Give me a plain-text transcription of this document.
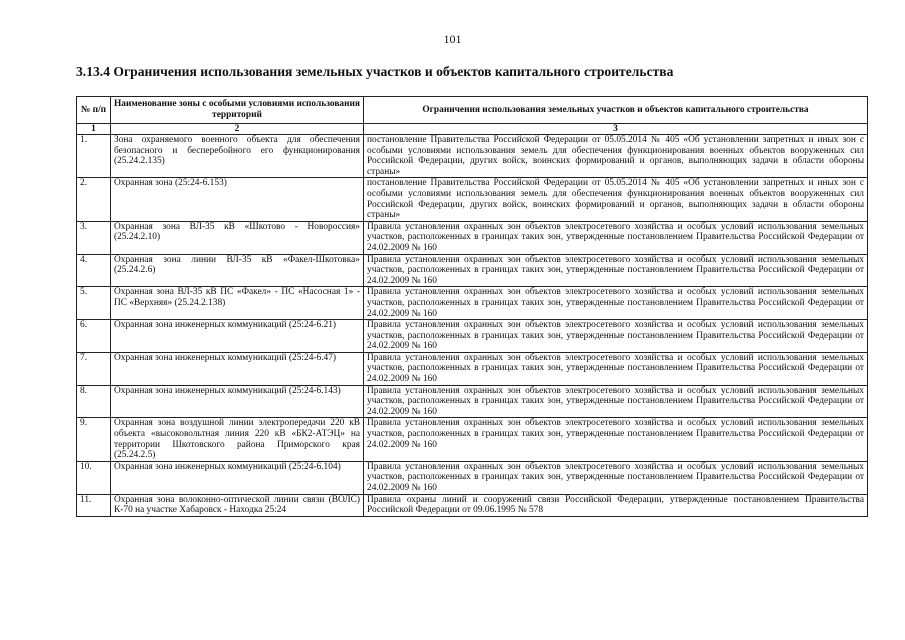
101
3.13.4 Ограничения использования земельных участков и объектов капитального строительства
№ п/п	Наименование зоны с особыми условиями использования территорий	Ограничения использования земельных участков и объектов капитального строительства
1	2	3
1.	Зона охраняемого военного объекта для обеспечения безопасного и бесперебойного его функционирования (25.24.2.135)	постановление Правительства Российской Федерации от 05.05.2014 № 405 «Об установлении запретных и иных зон с особыми условиями использования земель для обеспечения функционирования военных объектов вооруженных сил Российской Федерации, других войск, воинских формирований и органов, выполняющих задачи в области обороны страны»
2.	Охранная зона (25:24-6.153)	постановление Правительства Российской Федерации от 05.05.2014 № 405 «Об установлении запретных и иных зон с особыми условиями использования земель для обеспечения функционирования военных объектов вооруженных сил Российской Федерации, других войск, воинских формирований и органов, выполняющих задачи в области обороны страны»
3.	Охранная зона ВЛ-35 кВ «Шкотово - Новороссия» (25.24.2.10)	Правила установления охранных зон объектов электросетевого хозяйства и особых условий использования земельных участков, расположенных в границах таких зон, утвержденные постановлением Правительства Российской Федерации от 24.02.2009 № 160
4.	Охранная зона линии ВЛ-35 кВ «Факел-Шкотовка» (25.24.2.6)	Правила установления охранных зон объектов электросетевого хозяйства и особых условий использования земельных участков, расположенных в границах таких зон, утвержденные постановлением Правительства Российской Федерации от 24.02.2009 № 160
5.	Охранная зона ВЛ-35 кВ ПС «Факел» - ПС «Насосная 1» - ПС «Верхняя» (25.24.2.138)	Правила установления охранных зон объектов электросетевого хозяйства и особых условий использования земельных участков, расположенных в границах таких зон, утвержденные постановлением Правительства Российской Федерации от 24.02.2009 № 160
6.	Охранная зона инженерных коммуникаций (25:24-6.21)	Правила установления охранных зон объектов электросетевого хозяйства и особых условий использования земельных участков, расположенных в границах таких зон, утвержденные постановлением Правительства Российской Федерации от 24.02.2009 № 160
7.	Охранная зона инженерных коммуникаций (25:24-6.47)	Правила установления охранных зон объектов электросетевого хозяйства и особых условий использования земельных участков, расположенных в границах таких зон, утвержденные постановлением Правительства Российской Федерации от 24.02.2009 № 160
8.	Охранная зона инженерных коммуникаций (25:24-6.143)	Правила установления охранных зон объектов электросетевого хозяйства и особых условий использования земельных участков, расположенных в границах таких зон, утвержденные постановлением Правительства Российской Федерации от 24.02.2009 № 160
9.	Охранная зона воздушной линии электропередачи 220 кВ объекта «высоковольтная линия 220 кВ «БК2-АТЭЦ» на территории Шкотовского района Приморского края (25.24.2.5)	Правила установления охранных зон объектов электросетевого хозяйства и особых условий использования земельных участков, расположенных в границах таких зон, утвержденные постановлением Правительства Российской Федерации от 24.02.2009 № 160
10.	Охранная зона инженерных коммуникаций (25:24-6.104)	Правила установления охранных зон объектов электросетевого хозяйства и особых условий использования земельных участков, расположенных в границах таких зон, утвержденные постановлением Правительства Российской Федерации от 24.02.2009 № 160
11.	Охранная зона волоконно-оптической линии связи (ВОЛС) К-70 на участке Хабаровск - Находка 25:24	Правила охраны линий и сооружений связи Российской Федерации, утвержденные постановлением Правительства Российской Федерации от 09.06.1995 № 578
